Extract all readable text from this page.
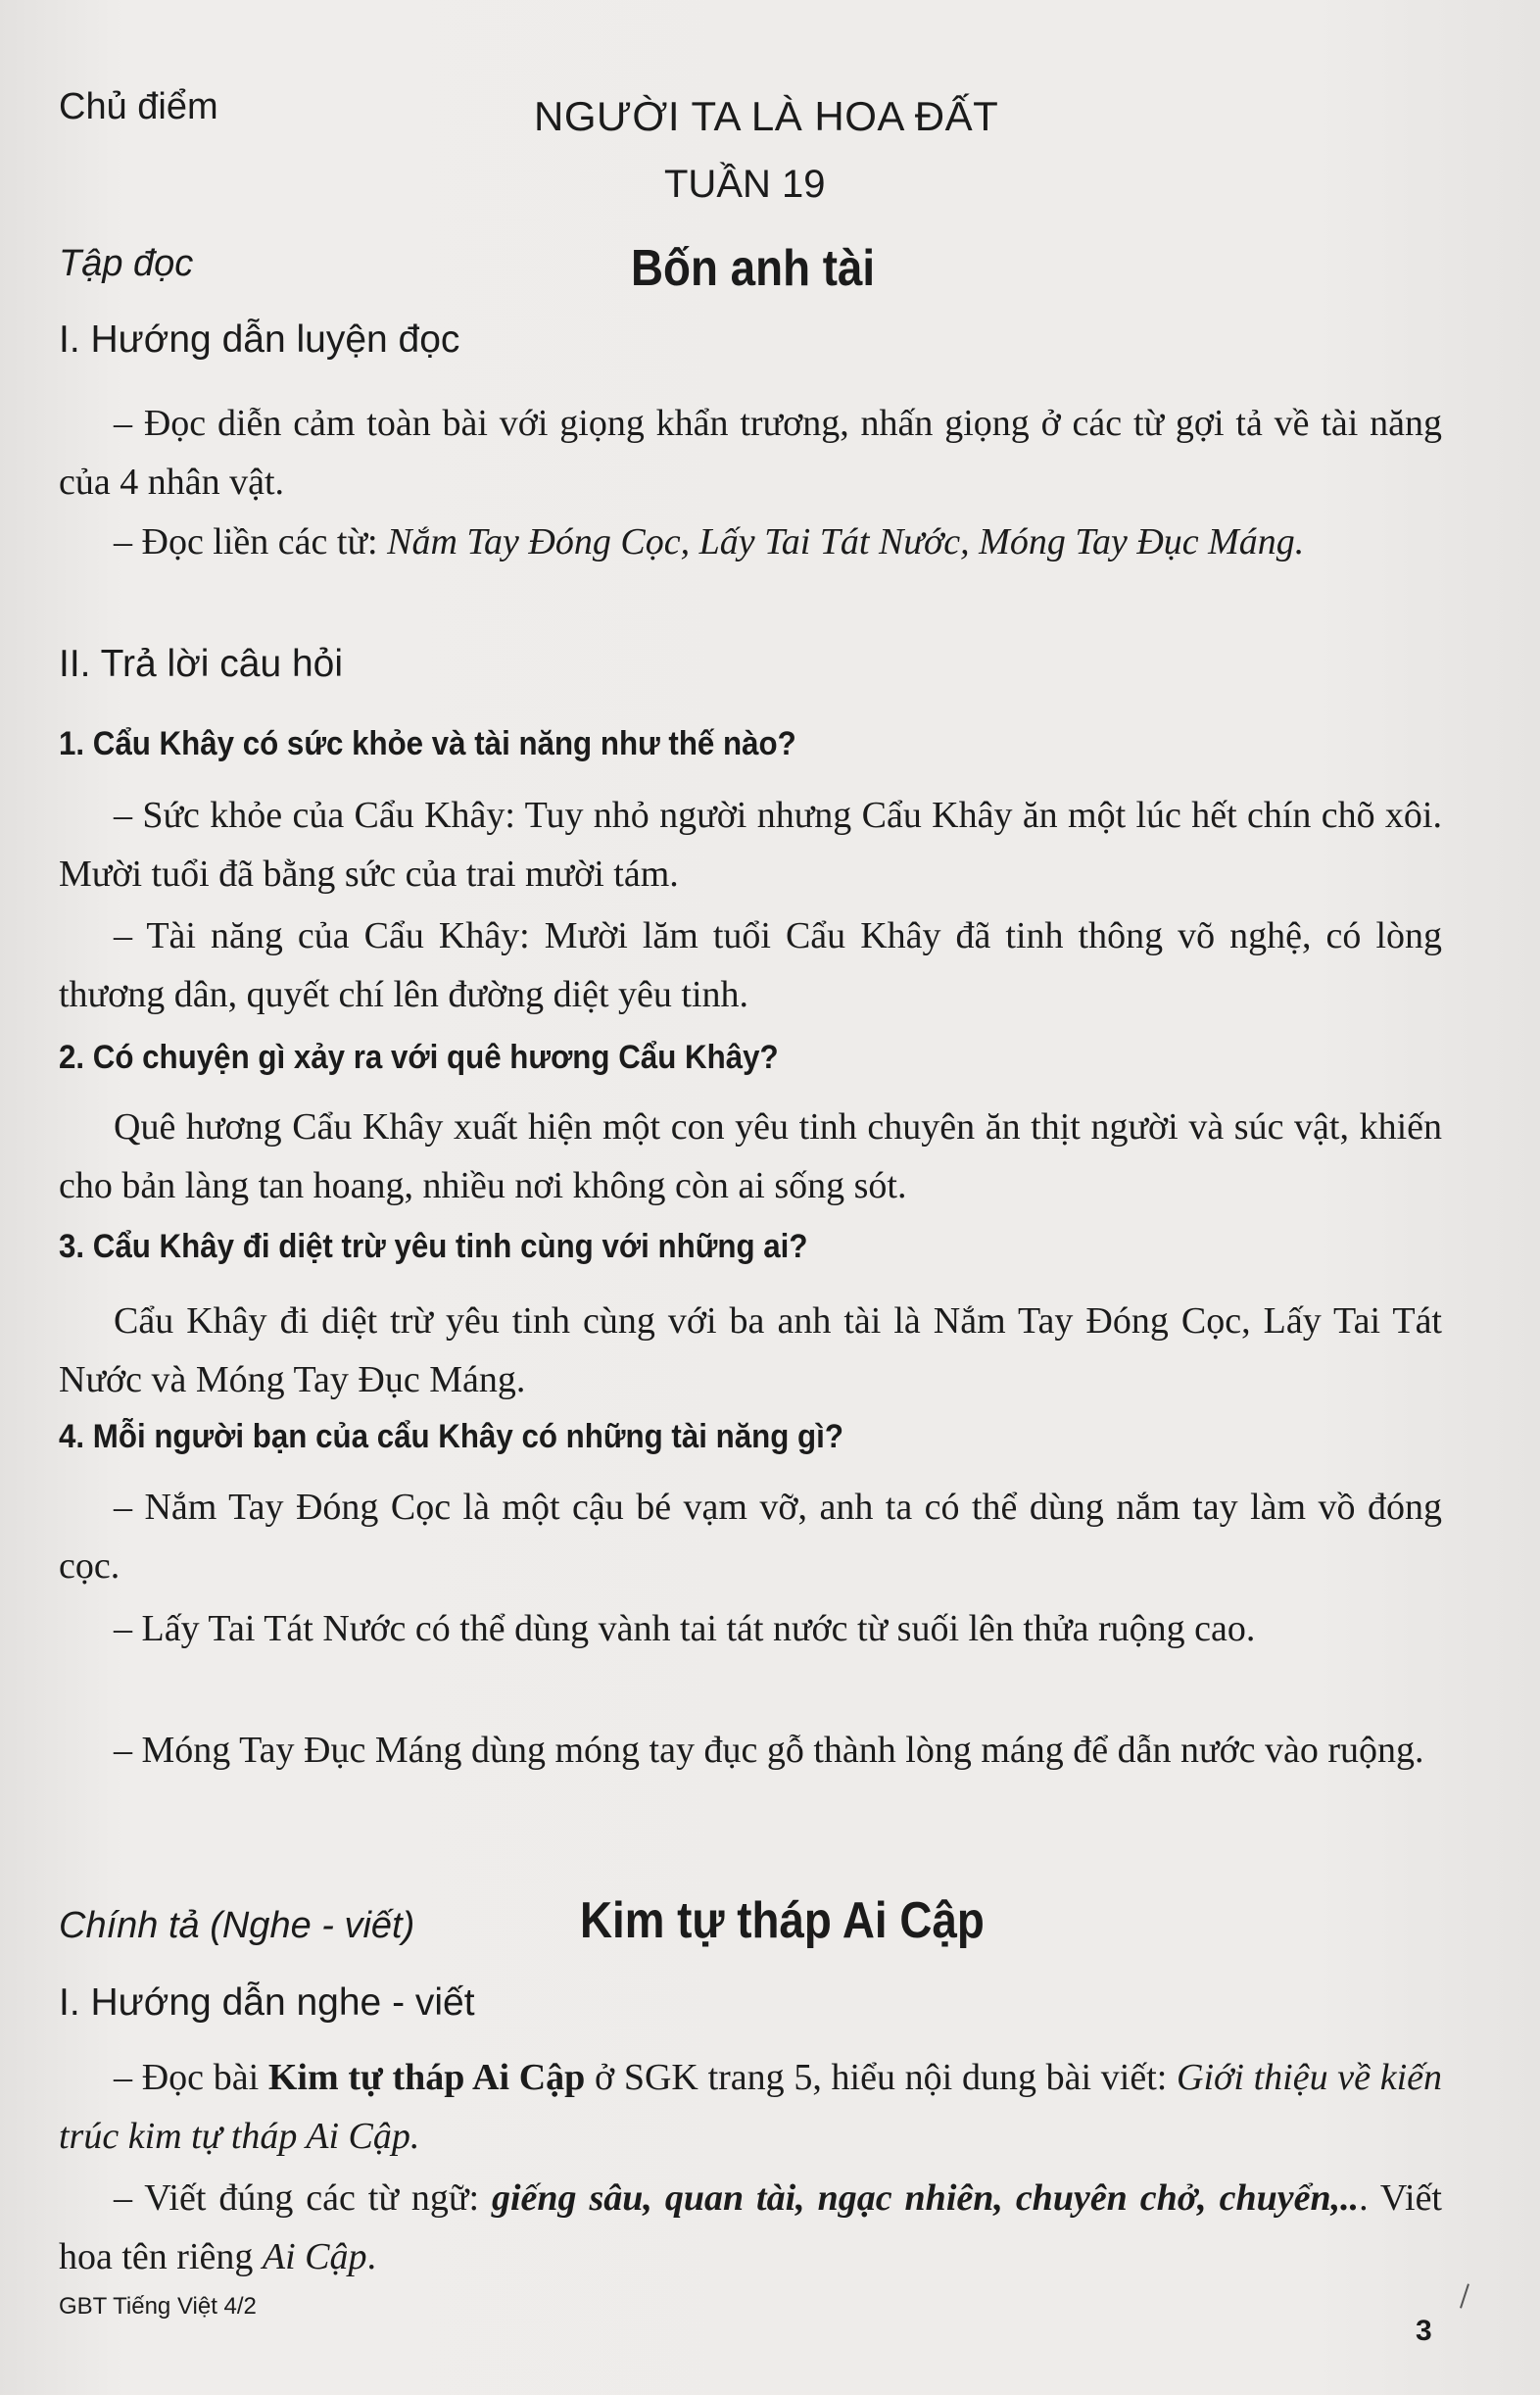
Chủ điểm	NGƯỜI TA LÀ HOA ĐẤT
TUẦN 19
Tập đọc	Bốn anh tài
I. Hướng dẫn luyện đọc
– Đọc diễn cảm toàn bài với giọng khẩn trương, nhấn giọng ở các từ gợi tả về tài năng của 4 nhân vật.
– Đọc liền các từ: Nắm Tay Đóng Cọc, Lấy Tai Tát Nước, Móng Tay Đục Máng.
II. Trả lời câu hỏi
1. Cẩu Khây có sức khỏe và tài năng như thế nào?
– Sức khỏe của Cẩu Khây: Tuy nhỏ người nhưng Cẩu Khây ăn một lúc hết chín chõ xôi. Mười tuổi đã bằng sức của trai mười tám.
– Tài năng của Cẩu Khây: Mười lăm tuổi Cẩu Khây đã tinh thông võ nghệ, có lòng thương dân, quyết chí lên đường diệt yêu tinh.
2. Có chuyện gì xảy ra với quê hương Cẩu Khây?
Quê hương Cẩu Khây xuất hiện một con yêu tinh chuyên ăn thịt người và súc vật, khiến cho bản làng tan hoang, nhiều nơi không còn ai sống sót.
3. Cẩu Khây đi diệt trừ yêu tinh cùng với những ai?
Cẩu Khây đi diệt trừ yêu tinh cùng với ba anh tài là Nắm Tay Đóng Cọc, Lấy Tai Tát Nước và Móng Tay Đục Máng.
4. Mỗi người bạn của cẩu Khây có những tài năng gì?
– Nắm Tay Đóng Cọc là một cậu bé vạm vỡ, anh ta có thể dùng nắm tay làm vồ đóng cọc.
– Lấy Tai Tát Nước có thể dùng vành tai tát nước từ suối lên thửa ruộng cao.
– Móng Tay Đục Máng dùng móng tay đục gỗ thành lòng máng để dẫn nước vào ruộng.
Chính tả (Nghe - viết)	Kim tự tháp Ai Cập
I. Hướng dẫn nghe - viết
– Đọc bài Kim tự tháp Ai Cập ở SGK trang 5, hiểu nội dung bài viết: Giới thiệu về kiến trúc kim tự tháp Ai Cập.
– Viết đúng các từ ngữ: giếng sâu, quan tài, ngạc nhiên, chuyên chở, chuyển,... Viết hoa tên riêng Ai Cập.
GBT Tiếng Việt 4/2
3
